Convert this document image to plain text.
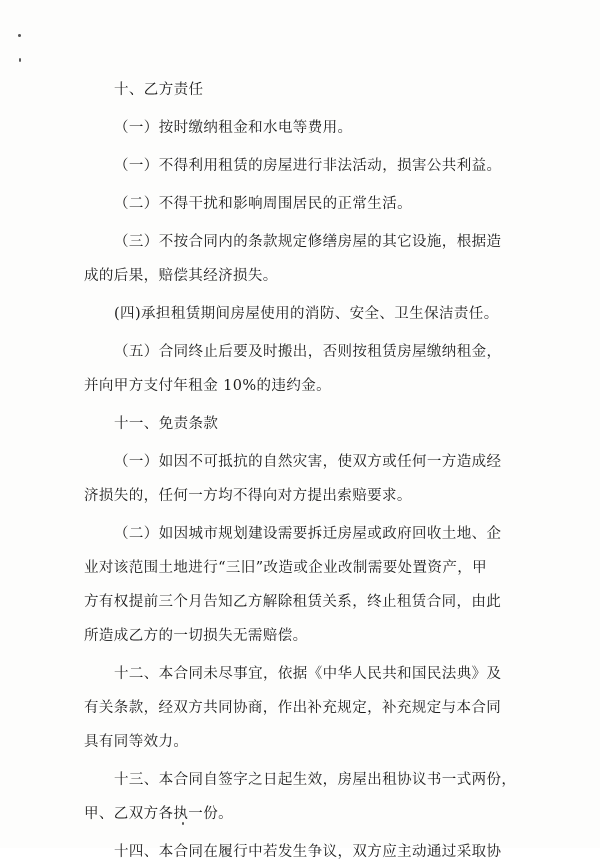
十、乙方责任
（一）按时缴纳租金和水电等费用。
（一）不得利用租赁的房屋进行非法活动，损害公共利益。
（二）不得干扰和影响周围居民的正常生活。
（三）不按合同内的条款规定修缮房屋的其它设施，根据造
成的后果，赔偿其经济损失。
(四)承担租赁期间房屋使用的消防、安全、卫生保洁责任。
（五）合同终止后要及时搬出，否则按租赁房屋缴纳租金，
并向甲方支付年租金 10%的违约金。
十一、免责条款
（一）如因不可抵抗的自然灾害，使双方或任何一方造成经
济损失的，任何一方均不得向对方提出索赔要求。
（二）如因城市规划建设需要拆迁房屋或政府回收土地、企
业对该范围土地进行“三旧”改造或企业改制需要处置资产，甲
方有权提前三个月告知乙方解除租赁关系，终止租赁合同，由此
所造成乙方的一切损失无需赔偿。
十二、本合同未尽事宜，依据《中华人民共和国民法典》及
有关条款，经双方共同协商，作出补充规定，补充规定与本合同
具有同等效力。
十三、本合同自签字之日起生效，房屋出租协议书一式两份，
甲、乙双方各执一份。
十四、本合同在履行中若发生争议，双方应主动通过采取协
